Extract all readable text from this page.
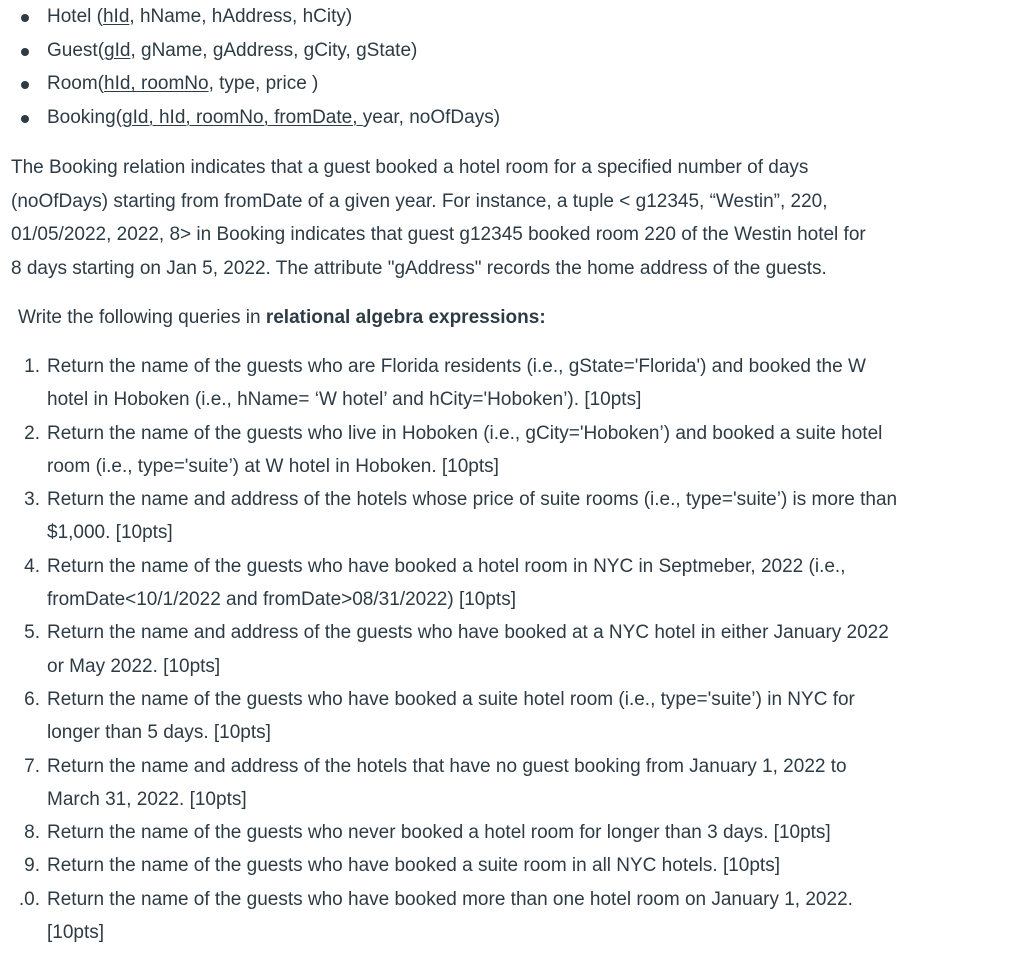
Hotel (hId, hName, hAddress, hCity)
Guest(gId, gName, gAddress, gCity, gState)
Room(hId, roomNo, type, price )
Booking(gId, hId, roomNo, fromDate, year, noOfDays)

The Booking relation indicates that a guest booked a hotel room for a specified number of days

(noOfDays) starting from fromDate of a given year. For instance, a tuple < g12345, “Westin”, 220,

01/05/2022, 2022, 8> in Booking indicates that guest g12345 booked room 220 of the Westin hotel for

8 days starting on Jan 5, 2022. The attribute "gAddress" records the home address of the guests.

Write the following queries in relational algebra expressions:
1. Return the name of the guests who are Florida residents (i.e., gState='Florida') and booked the W
hotel in Hoboken (i.e., hName= ‘W hotel’ and hCity='Hoboken’). [10pts]
2. Return the name of the guests who live in Hoboken (i.e., gCity='Hoboken’) and booked a suite hotel
room (i.e., type='suite’) at W hotel in Hoboken. [10pts]
3. Return the name and address of the hotels whose price of suite rooms (i.e., type='suite’) is more than
$1,000. [10pts]
4. Return the name of the guests who have booked a hotel room in NYC in Septmeber, 2022 (i.e.,
fromDate<10/1/2022 and fromDate>08/31/2022) [10pts]
5. Return the name and address of the guests who have booked at a NYC hotel in either January 2022
or May 2022. [10pts]
6. Return the name of the guests who have booked a suite hotel room (i.e., type='suite’) in NYC for
longer than 5 days. [10pts]
7. Return the name and address of the hotels that have no guest booking from January 1, 2022 to
March 31, 2022. [10pts]
8. Return the name of the guests who never booked a hotel room for longer than 3 days. [10pts]
9. Return the name of the guests who have booked a suite room in all NYC hotels. [10pts]
.0. Return the name of the guests who have booked more than one hotel room on January 1, 2022.
[10pts]
